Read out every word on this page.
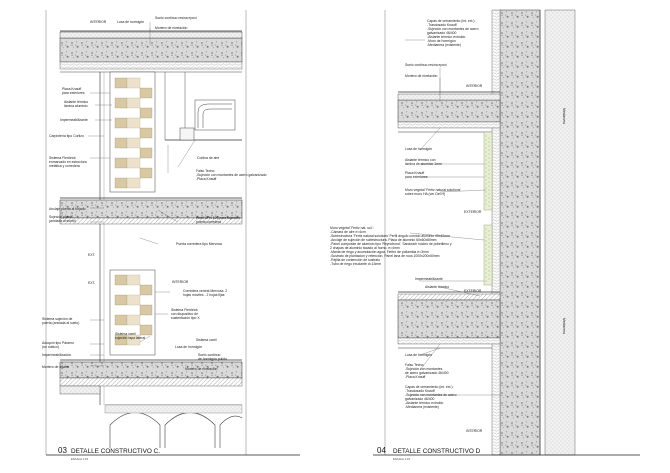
INTERIOR	Losa de hormigón
Suelo continuo resina epoxi
Mortero de nivelación
Placa Knauff para exteriores
Aislante térmico lámina aluminio
Impermeabilizante
Carpintería tipo Cortizo
Sistema Flexbrick enmarcado en estructura metálica y corredera
Falso Techo: -Sujeción con montantes de acero galvanizado -Placa Knauff
Cortina de aire
Anclaje puerta al forjado
Sujeción puerta (anclada al suelo)
Perfil UPN 120 para sujeción puerta corredera
Puerta corredera tipo Mervosa
EXT.
EXT.	INTERIOR
Corredera central Mervosa. 2 hojas móviles - 2 hojas fijas
Sistema Flexbrick con dispositivo de sustentación tipo X
Sistema sujeción de puerta (anclada al suelo)
Sistema carril sujeción tapa lateral	Sistema carril
Losa de hormigón
Suelo continuo de hormigón pulido
Mortero de nivelación
Adoquín tipo Páramo (no rústico)
Impermeabilización
Mortero de agarre
03 DETALLE CONSTRUCTIVO C.
ESCALA 1:15
Capas de cerramiento (int. ext.): -Trasdosado Knauff -Sujeción con montantes de acero galvanizado 46/400 -Aislante térmico extruido -Muro de hormigón -Medianera (existente)
Suelo continuo resina epoxi
Mortero de nivelación
INTERIOR
Losa de hormigón
Aislante térmico con lámina de aluminio 1mm
Placa Knauff para exteriores
Muro vegetal 'Fertiz natural solutions' sobre muro HA (ver Det.H)
EXTERIOR
Muro vegetal 'Fertiz nat. sol.': -Cámara de aire e=4cm -Subestructura 'Fertiz natural solutions' Perfil ángulo cornido aluminio 40x40mm -Anclaje de sujeción de subestructura. Placa de aluminio 60x60x80mm -Panel composite de aluminio tipo 'Reynobond'. Sandwich núcleo de polietileno y 2 chapas de aluminio tacado al horno. e=4mm -Manta de riego y acumulación agua. Fieltro de poliamida e=3mm -Sustrato de plantación y retención. Panel lana de roca 1000x200x50mm -Rejilla de contención de sustrato -Tubo de riego exudante d=13mm
Impermeabilizante
Aislante térmico
EXTERIOR
Losa de hormigón
Falso Techo: -Sujeción con montantes de acero galvanizado 46/400 -Placa Knauff
Capas de cerramiento (int. ext.): -Trasdosado Knauff -Sujeción con montantes de acero galvanizado 46/400 -Aislante térmico extruido -Medianera (existente)
INTERIOR
Medianera
Medianera
04 DETALLE CONSTRUCTIVO D
ESCALA 1:15
